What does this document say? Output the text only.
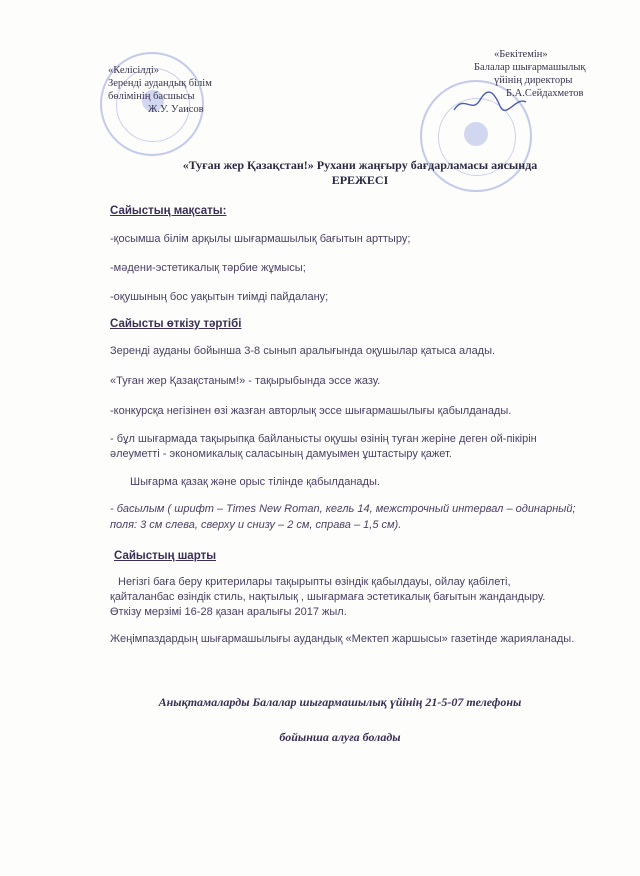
«Келісілді»
Зеренді аудандық білім
бөлімінің басшысы
Ж.У. Уаисов
«Бекітемін»
Балалар шығармашылық
үйінің директоры
Б.А.Сейдахметов
«Туған жер Қазақстан!» Рухани жаңғыру бағдарламасы аясында
ЕРЕЖЕСІ
Сайыстың мақсаты:
-қосымша білім арқылы шығармашылық бағытын арттыру;
-мәдени-эстетикалық тәрбие жұмысы;
-оқушының бос уақытын тиімді пайдалану;
Сайысты өткізу тәртібі
Зеренді ауданы бойынша 3-8 сынып аралығында оқушылар қатыса алады.
«Туған жер Қазақстаным!» - тақырыбында эссе жазу.
-конкурсқа негізінен өзі жазған авторлық эссе шығармашылығы қабылданады.
- бұл шығармада тақырыпқа байланысты оқушы өзінің туған жеріне деген ой-пікірін
әлеуметті - экономикалық саласының дамуымен ұштастыру қажет.
Шығарма қазақ және орыс тілінде қабылданады.
- басылым ( шрифт – Times New Roman, кегль 14, межстрочный интервал – одинарный;
поля: 3 см слева, сверху и снизу – 2 см, справа – 1,5 см).
Сайыстың шарты
Негізгі баға беру критерилары тақырыпты өзіндік қабылдауы, ойлау қабілеті,
қайталанбас өзіндік стиль, нақтылық , шығармаға эстетикалық бағытын жандандыру.
Өткізу мерзімі 16-28 қазан аралығы 2017 жыл.
Жеңімпаздардың шығармашылығы аудандық «Мектеп жаршысы» газетінде жарияланады.
Анықтамаларды Балалар шығармашылық үйінің 21-5-07 телефоны
бойынша алуға болады
